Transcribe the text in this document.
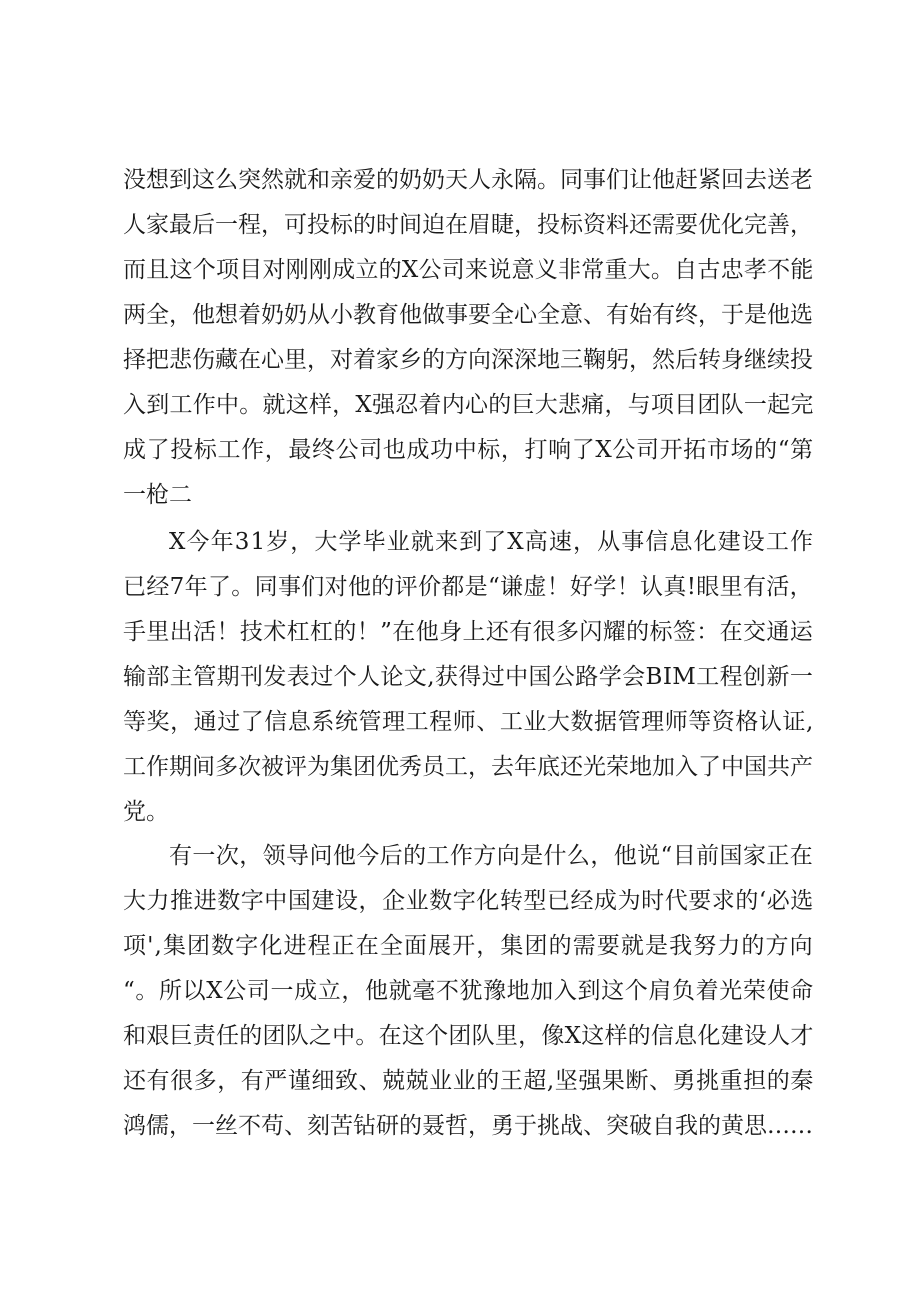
没想到这么突然就和亲爱的奶奶天人永隔。同事们让他赶紧回去送老
人家最后一程，可投标的时间迫在眉睫，投标资料还需要优化完善，
而且这个项目对刚刚成立的X公司来说意义非常重大。自古忠孝不能
两全，他想着奶奶从小教育他做事要全心全意、有始有终，于是他选
择把悲伤藏在心里，对着家乡的方向深深地三鞠躬，然后转身继续投
入到工作中。就这样，X强忍着内心的巨大悲痛，与项目团队一起完
成了投标工作，最终公司也成功中标，打响了X公司开拓市场的“第
一枪二
X今年31岁，大学毕业就来到了X高速，从事信息化建设工作
已经7年了。同事们对他的评价都是“谦虚！好学！认真!眼里有活，
手里出活！技术杠杠的！”在他身上还有很多闪耀的标签：在交通运
输部主管期刊发表过个人论文,获得过中国公路学会BIM工程创新一
等奖，通过了信息系统管理工程师、工业大数据管理师等资格认证,
工作期间多次被评为集团优秀员工，去年底还光荣地加入了中国共产
党。
有一次，领导问他今后的工作方向是什么，他说“目前国家正在
大力推进数字中国建设，企业数字化转型已经成为时代要求的‘必选
项',集团数字化进程正在全面展开，集团的需要就是我努力的方向
“。所以X公司一成立，他就毫不犹豫地加入到这个肩负着光荣使命
和艰巨责任的团队之中。在这个团队里，像X这样的信息化建设人才
还有很多，有严谨细致、兢兢业业的王超,坚强果断、勇挑重担的秦
鸿儒，一丝不苟、刻苦钻研的聂哲，勇于挑战、突破自我的黄思……
